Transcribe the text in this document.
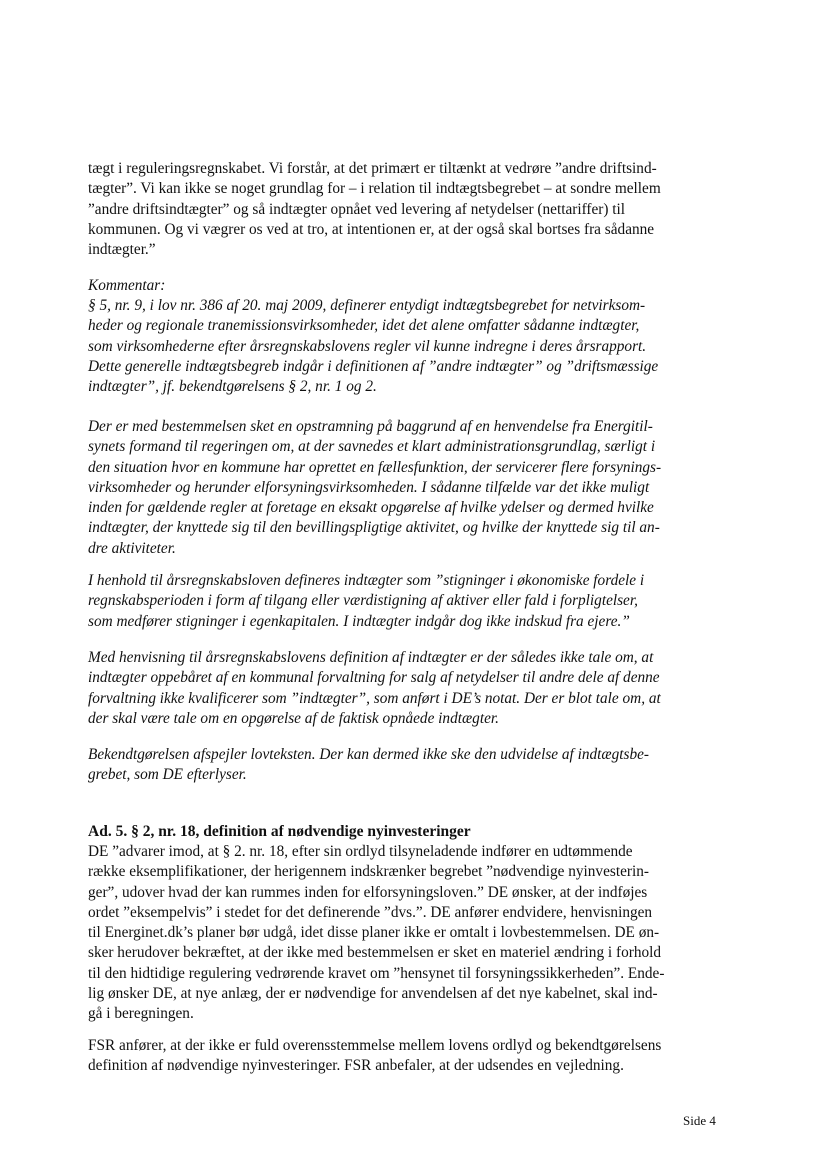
tægt i reguleringsregnskabet. Vi forstår, at det primært er tiltænkt at vedrøre ”andre driftsind-
tægter”. Vi kan ikke se noget grundlag for – i relation til indtægtsbegrebet – at sondre mellem
”andre driftsindtægter” og så indtægter opnået ved levering af netydelser (nettariffer) til
kommunen. Og vi vægrer os ved at tro, at intentionen er, at der også skal bortses fra sådanne
indtægter.”
Kommentar:
§ 5, nr. 9, i lov nr. 386 af 20. maj 2009, definerer entydigt indtægtsbegrebet for netvirksom-
heder og regionale tranemissionsvirksomheder, idet det alene omfatter sådanne indtægter,
som virksomhederne efter årsregnskabslovens regler vil kunne indregne i deres årsrapport.
Dette generelle indtægtsbegreb indgår i definitionen af ”andre indtægter” og ”driftsmæssige
indtægter”, jf. bekendtgørelsens § 2, nr. 1 og 2.
Der er med bestemmelsen sket en opstramning på baggrund af en henvendelse fra Energitil-
synets formand til regeringen om, at der savnedes et klart administrationsgrundlag, særligt i
den situation hvor en kommune har oprettet en fællesfunktion, der servicerer flere forsynings-
virksomheder og herunder elforsyningsvirksomheden. I sådanne tilfælde var det ikke muligt
inden for gældende regler at foretage en eksakt opgørelse af hvilke ydelser og dermed hvilke
indtægter, der knyttede sig til den bevillingspligtige aktivitet, og hvilke der knyttede sig til an-
dre aktiviteter.
I henhold til årsregnskabsloven defineres indtægter som ”stigninger i økonomiske fordele i
regnskabsperioden i form af tilgang eller værdistigning af aktiver eller fald i forpligtelser,
som medfører stigninger i egenkapitalen. I indtægter indgår dog ikke indskud fra ejere.”
Med henvisning til årsregnskabslovens definition af indtægter er der således ikke tale om, at
indtægter oppebåret af en kommunal forvaltning for salg af netydelser til andre dele af denne
forvaltning ikke kvalificerer som ”indtægter”, som anført i DE’s notat. Der er blot tale om, at
der skal være tale om en opgørelse af de faktisk opnåede indtægter.
Bekendtgørelsen afspejler lovteksten. Der kan dermed ikke ske den udvidelse af indtægtsbe-
grebet, som DE efterlyser.
Ad. 5. § 2, nr. 18, definition af nødvendige nyinvesteringer
DE ”advarer imod, at § 2. nr. 18, efter sin ordlyd tilsyneladende indfører en udtømmende
række eksemplifikationer, der herigennem indskrænker begrebet ”nødvendige nyinvesterin-
ger”, udover hvad der kan rummes inden for elforsyningsloven.” DE ønsker, at der indføjes
ordet ”eksempelvis” i stedet for det definerende ”dvs.”. DE anfører endvidere, henvisningen
til Energinet.dk’s planer bør udgå, idet disse planer ikke er omtalt i lovbestemmelsen. DE øn-
sker herudover bekræftet, at der ikke med bestemmelsen er sket en materiel ændring i forhold
til den hidtidige regulering vedrørende kravet om ”hensynet til forsyningssikkerheden”. Ende-
lig ønsker DE, at nye anlæg, der er nødvendige for anvendelsen af det nye kabelnet, skal ind-
gå i beregningen.
FSR anfører, at der ikke er fuld overensstemmelse mellem lovens ordlyd og bekendtgørelsens
definition af nødvendige nyinvesteringer. FSR anbefaler, at der udsendes en vejledning.
Side 4
